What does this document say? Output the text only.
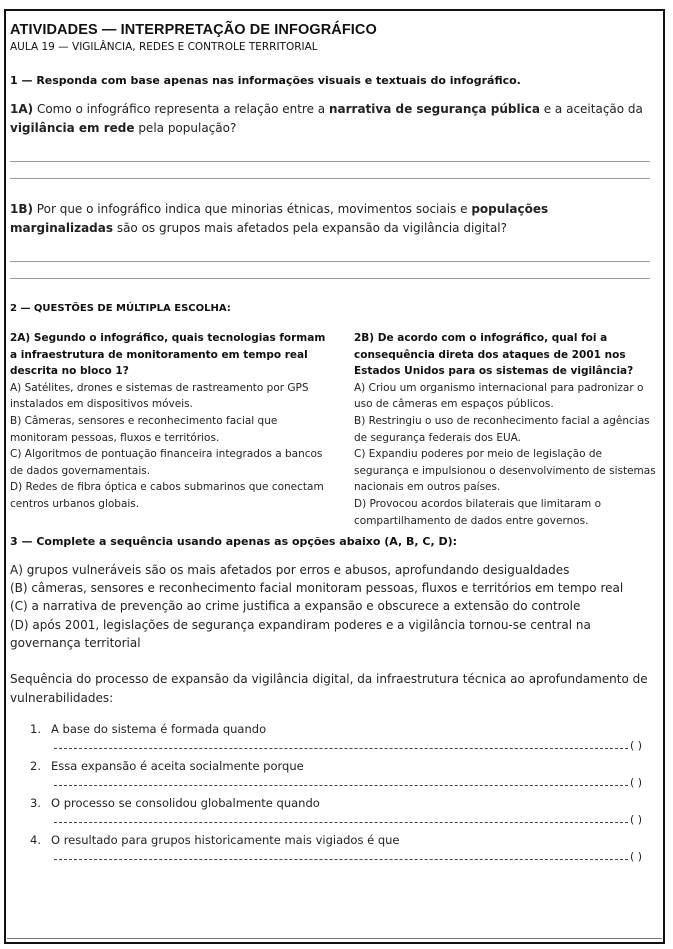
ATIVIDADES — INTERPRETAÇÃO DE INFOGRÁFICO
AULA 19 — VIGILÂNCIA, REDES E CONTROLE TERRITORIAL
1 — Responda com base apenas nas informações visuais e textuais do infográfico.
1A) Como o infográfico representa a relação entre a narrativa de segurança pública e a aceitação da vigilância em rede pela população?
1B) Por que o infográfico indica que minorias étnicas, movimentos sociais e populações marginalizadas são os grupos mais afetados pela expansão da vigilância digital?
2 — QUESTÕES DE MÚLTIPLA ESCOLHA:
2A) Segundo o infográfico, quais tecnologias formam a infraestrutura de monitoramento em tempo real descrita no bloco 1?
A) Satélites, drones e sistemas de rastreamento por GPS instalados em dispositivos móveis.
B) Câmeras, sensores e reconhecimento facial que monitoram pessoas, fluxos e territórios.
C) Algoritmos de pontuação financeira integrados a bancos de dados governamentais.
D) Redes de fibra óptica e cabos submarinos que conectam centros urbanos globais.
2B) De acordo com o infográfico, qual foi a consequência direta dos ataques de 2001 nos Estados Unidos para os sistemas de vigilância?
A) Criou um organismo internacional para padronizar o uso de câmeras em espaços públicos.
B) Restringiu o uso de reconhecimento facial a agências de segurança federais dos EUA.
C) Expandiu poderes por meio de legislação de segurança e impulsionou o desenvolvimento de sistemas nacionais em outros países.
D) Provocou acordos bilaterais que limitaram o compartilhamento de dados entre governos.
3 — Complete a sequência usando apenas as opções abaixo (A, B, C, D):
A) grupos vulneráveis são os mais afetados por erros e abusos, aprofundando desigualdades
(B) câmeras, sensores e reconhecimento facial monitoram pessoas, fluxos e territórios em tempo real
(C) a narrativa de prevenção ao crime justifica a expansão e obscurece a extensão do controle
(D) após 2001, legislações de segurança expandiram poderes e a vigilância tornou-se central na governança territorial
Sequência do processo de expansão da vigilância digital, da infraestrutura técnica ao aprofundamento de vulnerabilidades:
1. A base do sistema é formada quando
( )
2. Essa expansão é aceita socialmente porque
( )
3. O processo se consolidou globalmente quando
( )
4. O resultado para grupos historicamente mais vigiados é que
( )
